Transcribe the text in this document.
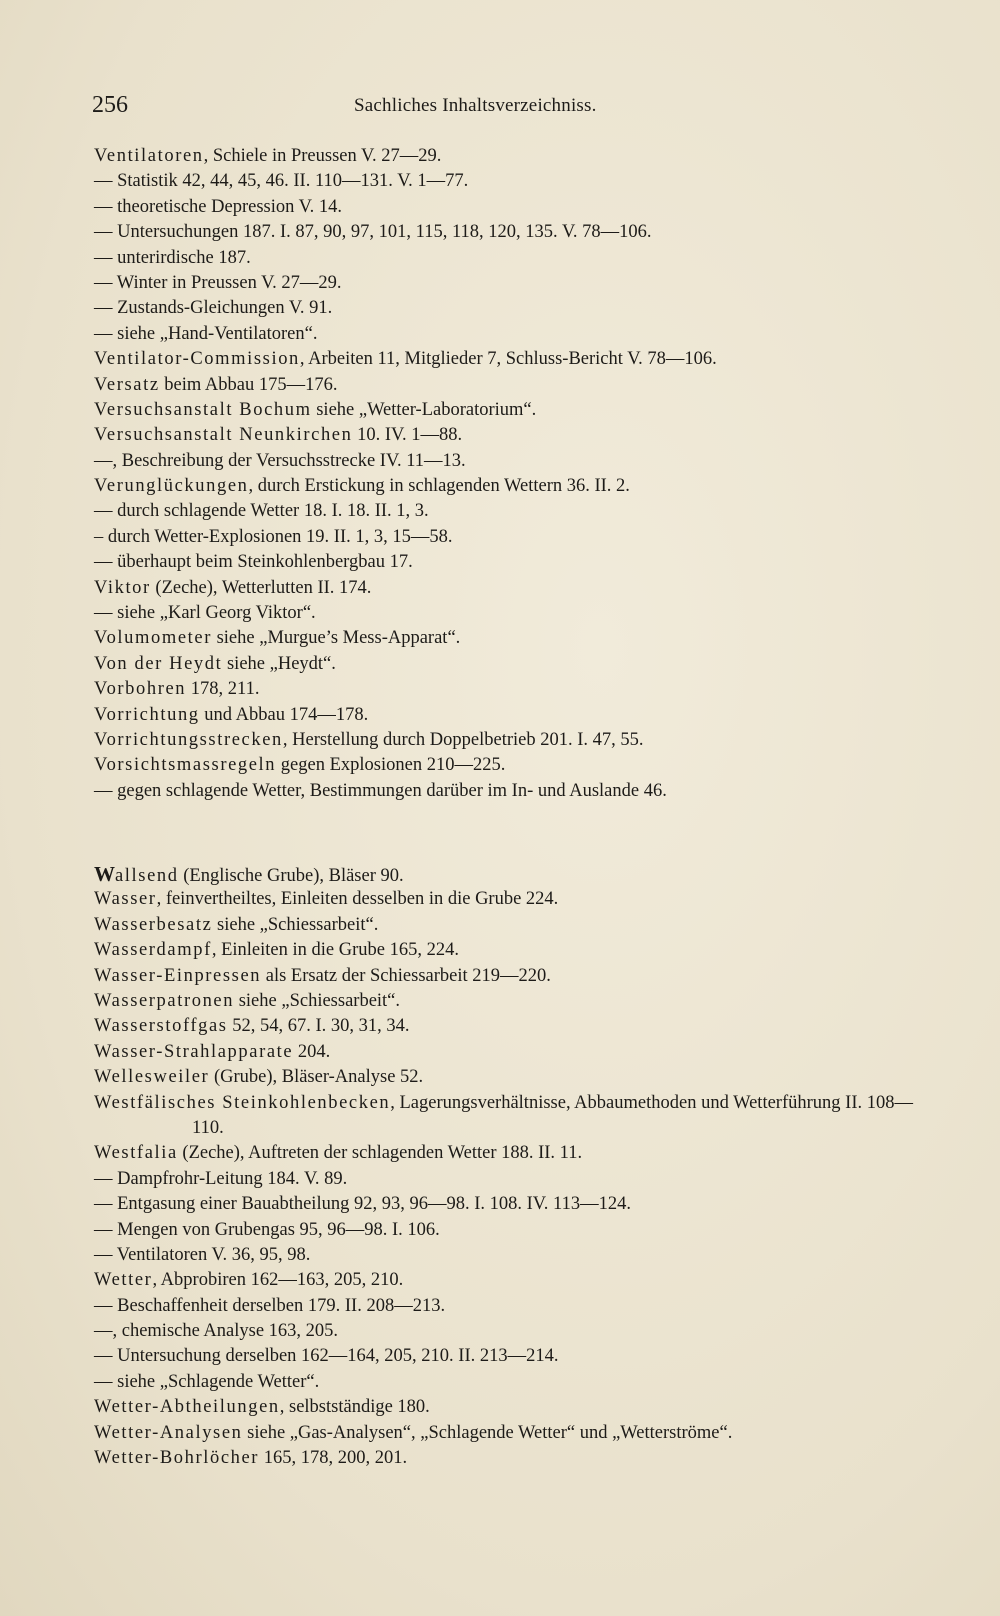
256	Sachliches Inhaltsverzeichniss.
Ventilatoren, Schiele in Preussen V. 27—29.
— Statistik 42, 44, 45, 46. II. 110—131. V. 1—77.
— theoretische Depression V. 14.
— Untersuchungen 187. I. 87, 90, 97, 101, 115, 118, 120, 135. V. 78—106.
— unterirdische 187.
— Winter in Preussen V. 27—29.
— Zustands-Gleichungen V. 91.
— siehe „Hand-Ventilatoren“.
Ventilator-Commission, Arbeiten 11, Mitglieder 7, Schluss-Bericht V. 78—106.
Versatz beim Abbau 175—176.
Versuchsanstalt Bochum siehe „Wetter-Laboratorium“.
Versuchsanstalt Neunkirchen 10. IV. 1—88.
—, Beschreibung der Versuchsstrecke IV. 11—13.
Verunglückungen, durch Erstickung in schlagenden Wettern 36. II. 2.
— durch schlagende Wetter 18. I. 18. II. 1, 3.
– durch Wetter-Explosionen 19. II. 1, 3, 15—58.
— überhaupt beim Steinkohlenbergbau 17.
Viktor (Zeche), Wetterlutten II. 174.
— siehe „Karl Georg Viktor“.
Volumometer siehe „Murgue’s Mess-Apparat“.
Von der Heydt siehe „Heydt“.
Vorbohren 178, 211.
Vorrichtung und Abbau 174—178.
Vorrichtungsstrecken, Herstellung durch Doppelbetrieb 201. I. 47, 55.
Vorsichtsmassregeln gegen Explosionen 210—225.
— gegen schlagende Wetter, Bestimmungen darüber im In- und Auslande 46.
Wallsend (Englische Grube), Bläser 90.
Wasser, feinvertheiltes, Einleiten desselben in die Grube 224.
Wasserbesatz siehe „Schiessarbeit“.
Wasserdampf, Einleiten in die Grube 165, 224.
Wasser-Einpressen als Ersatz der Schiessarbeit 219—220.
Wasserpatronen siehe „Schiessarbeit“.
Wasserstoffgas 52, 54, 67. I. 30, 31, 34.
Wasser-Strahlapparate 204.
Wellesweiler (Grube), Bläser-Analyse 52.
Westfälisches Steinkohlenbecken, Lagerungsverhältnisse, Abbaumethoden und Wetterführung II. 108—110.
Westfalia (Zeche), Auftreten der schlagenden Wetter 188. II. 11.
— Dampfrohr-Leitung 184. V. 89.
— Entgasung einer Bauabtheilung 92, 93, 96—98. I. 108. IV. 113—124.
— Mengen von Grubengas 95, 96—98. I. 106.
— Ventilatoren V. 36, 95, 98.
Wetter, Abprobiren 162—163, 205, 210.
— Beschaffenheit derselben 179. II. 208—213.
—, chemische Analyse 163, 205.
— Untersuchung derselben 162—164, 205, 210. II. 213—214.
— siehe „Schlagende Wetter“.
Wetter-Abtheilungen, selbstständige 180.
Wetter-Analysen siehe „Gas-Analysen“, „Schlagende Wetter“ und „Wetterströme“.
Wetter-Bohrlöcher 165, 178, 200, 201.
